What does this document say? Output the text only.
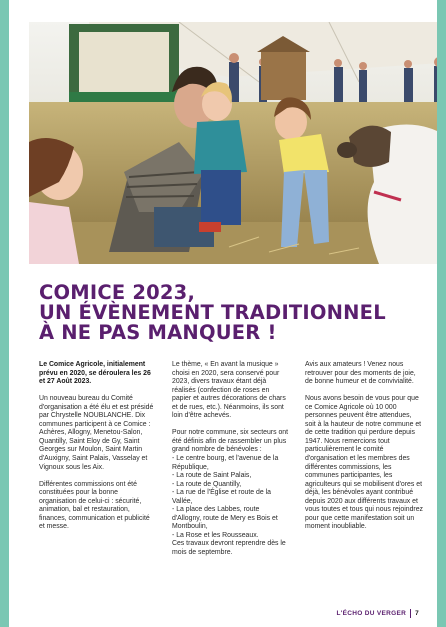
COMICE 2023,
UN ÉVÈNEMENT TRADITIONNEL
À NE PAS MANQUER !

Le Comice Agricole, initialement prévu en 2020, se déroulera les 26 et 27 Août 2023.

Un nouveau bureau du Comité d'organisation a été élu et est présidé par Chrystelle NOUBLANCHE. Dix communes participent à ce Comice : Achères, Allogny, Menetou-Salon, Quantilly, Saint Eloy de Gy, Saint Georges sur Moulon, Saint Martin d'Auxigny, Saint Palais, Vasselay et Vignoux sous les Aix.

Différentes commissions ont été constituées pour la bonne organisation de celui-ci : sécurité, animation, bal et restauration, finances, communication et publicité et messe.

Le thème, « En avant la musique » choisi en 2020, sera conservé pour 2023, divers travaux étant déjà réalisés (confection de roses en papier et autres décorations de chars et de rues, etc.). Néanmoins, ils sont loin d'être achevés.

Pour notre commune, six secteurs ont été définis afin de rassembler un plus grand nombre de bénévoles :
- Le centre bourg, et l'avenue de la République,
- La route de Saint Palais,
- La route de Quantilly,
- La rue de l'Église et route de la Vallée,
- La place des Labbes, route d'Allogny, route de Mery es Bois et Montboulin,
- La Rose et les Rousseaux.
Ces travaux devront reprendre dès le mois de septembre.

Avis aux amateurs ! Venez nous retrouver pour des moments de joie, de bonne humeur et de convivialité.

Nous avons besoin de vous pour que ce Comice Agricole où 10 000 personnes peuvent être attendues, soit à la hauteur de notre commune et de cette tradition qui perdure depuis 1947. Nous remercions tout particulièrement le comité d'organisation et les membres des différentes commissions, les communes participantes, les agriculteurs qui se mobilisent d'ores et déjà, les bénévoles ayant contribué depuis 2020 aux différents travaux et vous toutes et tous qui nous rejoindrez pour que cette manifestation soit un moment inoubliable.

L'ÉCHO DU VERGER 7
